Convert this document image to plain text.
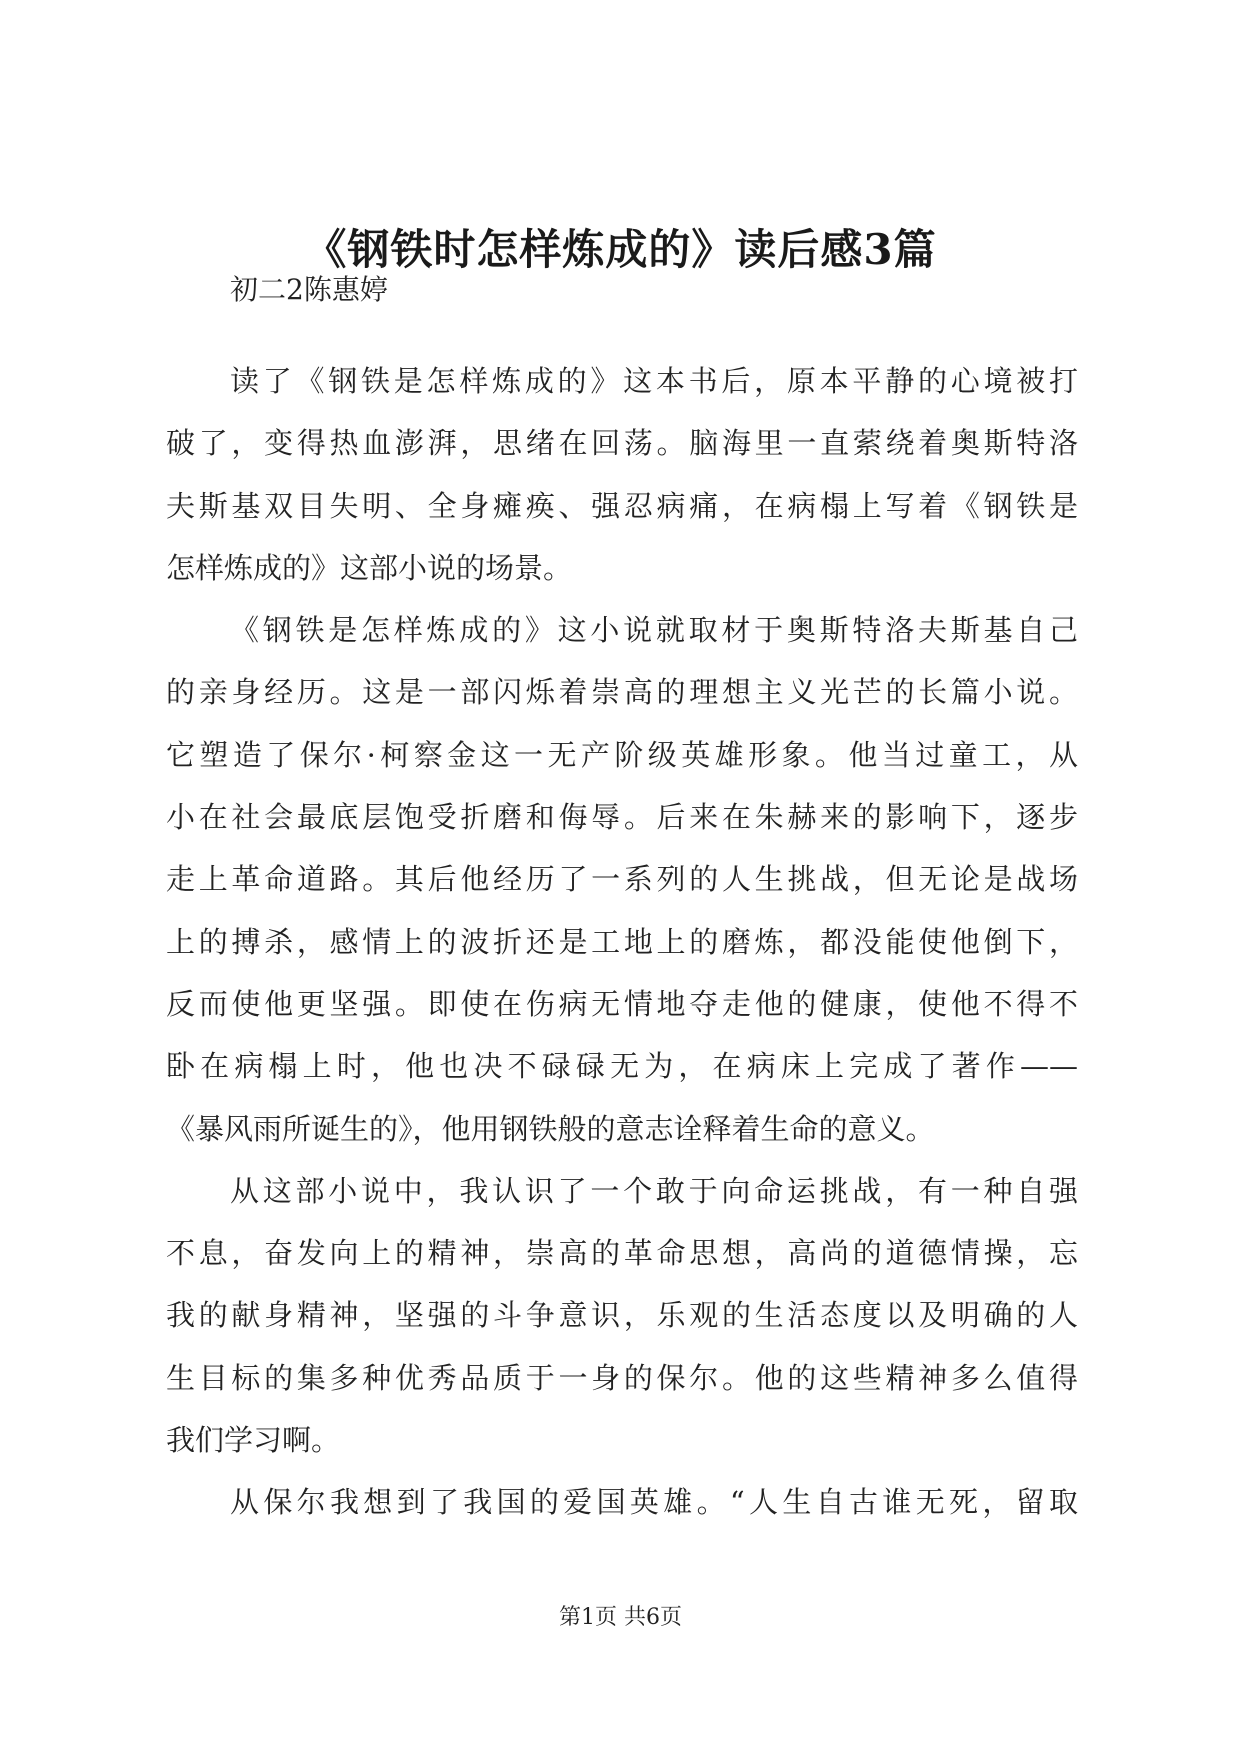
《钢铁时怎样炼成的》读后感3篇
初二2陈惠婷

读了《钢铁是怎样炼成的》这本书后，原本平静的心境被打
破了，变得热血澎湃，思绪在回荡。脑海里一直萦绕着奥斯特洛
夫斯基双目失明、全身瘫痪、强忍病痛，在病榻上写着《钢铁是
怎样炼成的》这部小说的场景。

《钢铁是怎样炼成的》这小说就取材于奥斯特洛夫斯基自己
的亲身经历。这是一部闪烁着崇高的理想主义光芒的长篇小说。
它塑造了保尔·柯察金这一无产阶级英雄形象。他当过童工，从
小在社会最底层饱受折磨和侮辱。后来在朱赫来的影响下，逐步
走上革命道路。其后他经历了一系列的人生挑战，但无论是战场
上的搏杀，感情上的波折还是工地上的磨炼，都没能使他倒下，
反而使他更坚强。即使在伤病无情地夺走他的健康，使他不得不
卧在病榻上时，他也决不碌碌无为，在病床上完成了著作——
《暴风雨所诞生的》，他用钢铁般的意志诠释着生命的意义。

从这部小说中，我认识了一个敢于向命运挑战，有一种自强
不息，奋发向上的精神，崇高的革命思想，高尚的道德情操，忘
我的献身精神，坚强的斗争意识，乐观的生活态度以及明确的人
生目标的集多种优秀品质于一身的保尔。他的这些精神多么值得
我们学习啊。

从保尔我想到了我国的爱国英雄。“人生自古谁无死，留取

第1页 共6页
